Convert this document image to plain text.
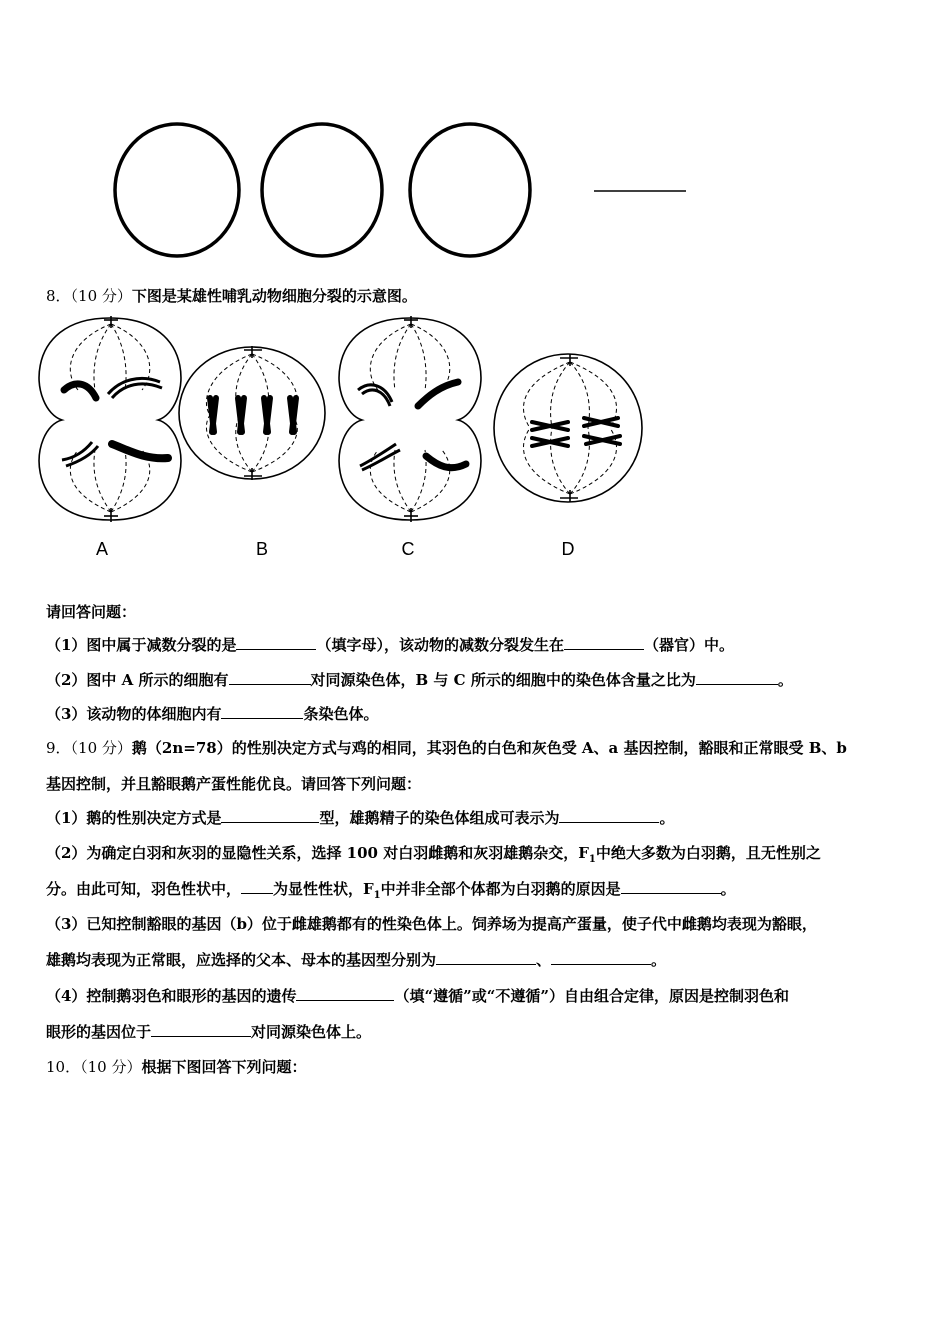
8．（10 分）下图是某雄性哺乳动物细胞分裂的示意图。
A	B	C	D
请回答问题：
（1）图中属于减数分裂的是	（填字母），该动物的减数分裂发生在	（器官）中。
（2）图中 A 所示的细胞有	对同源染色体，B 与 C 所示的细胞中的染色体含量之比为	。
（3）该动物的体细胞内有	条染色体。
9．（10 分）鹅（2n=78）的性别决定方式与鸡的相同，其羽色的白色和灰色受 A、a 基因控制，豁眼和正常眼受 B、b
基因控制，并且豁眼鹅产蛋性能优良。请回答下列问题：
（1）鹅的性别决定方式是	型，雄鹅精子的染色体组成可表示为	。
（2）为确定白羽和灰羽的显隐性关系，选择 100 对白羽雌鹅和灰羽雄鹅杂交，$F_1$中绝大多数为白羽鹅，且无性别之
分。由此可知，羽色性状中， 为显性性状，$F_1$中并非全部个体都为白羽鹅的原因是	。
（3）已知控制豁眼的基因（b）位于雌雄鹅都有的性染色体上。饲养场为提高产蛋量，使子代中雌鹅均表现为豁眼，
雄鹅均表现为正常眼，应选择的父本、母本的基因型分别为	、	。
（4）控制鹅羽色和眼形的基因的遗传	（填“遵循”或“不遵循”）自由组合定律，原因是控制羽色和
眼形的基因位于	对同源染色体上。
10．（10 分）根据下图回答下列问题：
